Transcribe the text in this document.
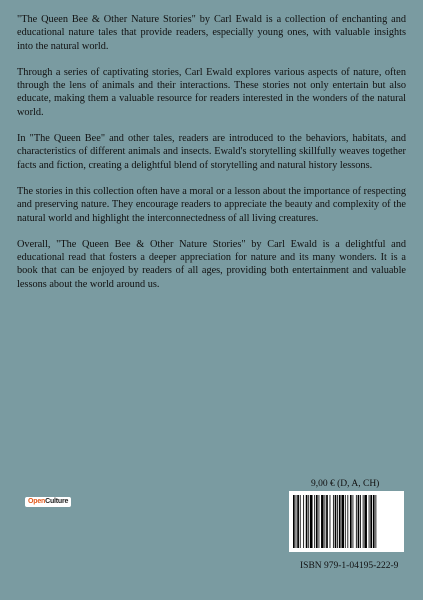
"The Queen Bee & Other Nature Stories" by Carl Ewald is a collection of enchanting and educational nature tales that provide readers, especially young ones, with valuable insights into the natural world.

Through a series of captivating stories, Carl Ewald explores various aspects of nature, often through the lens of animals and their interactions. These stories not only entertain but also educate, making them a valuable resource for readers interested in the wonders of the natural world.

In "The Queen Bee" and other tales, readers are introduced to the behaviors, habitats, and characteristics of different animals and insects. Ewald's storytelling skillfully weaves together facts and fiction, creating a delightful blend of storytelling and natural history lessons.

The stories in this collection often have a moral or a lesson about the importance of respecting and preserving nature. They encourage readers to appreciate the beauty and complexity of the natural world and highlight the interconnectedness of all living creatures.

Overall, "The Queen Bee & Other Nature Stories" by Carl Ewald is a delightful and educational read that fosters a deeper appreciation for nature and its many wonders. It is a book that can be enjoyed by readers of all ages, providing both entertainment and valuable lessons about the world around us.

9,00 € (D, A, CH)
OpenCulture
ISBN 979-1-04195-222-9
